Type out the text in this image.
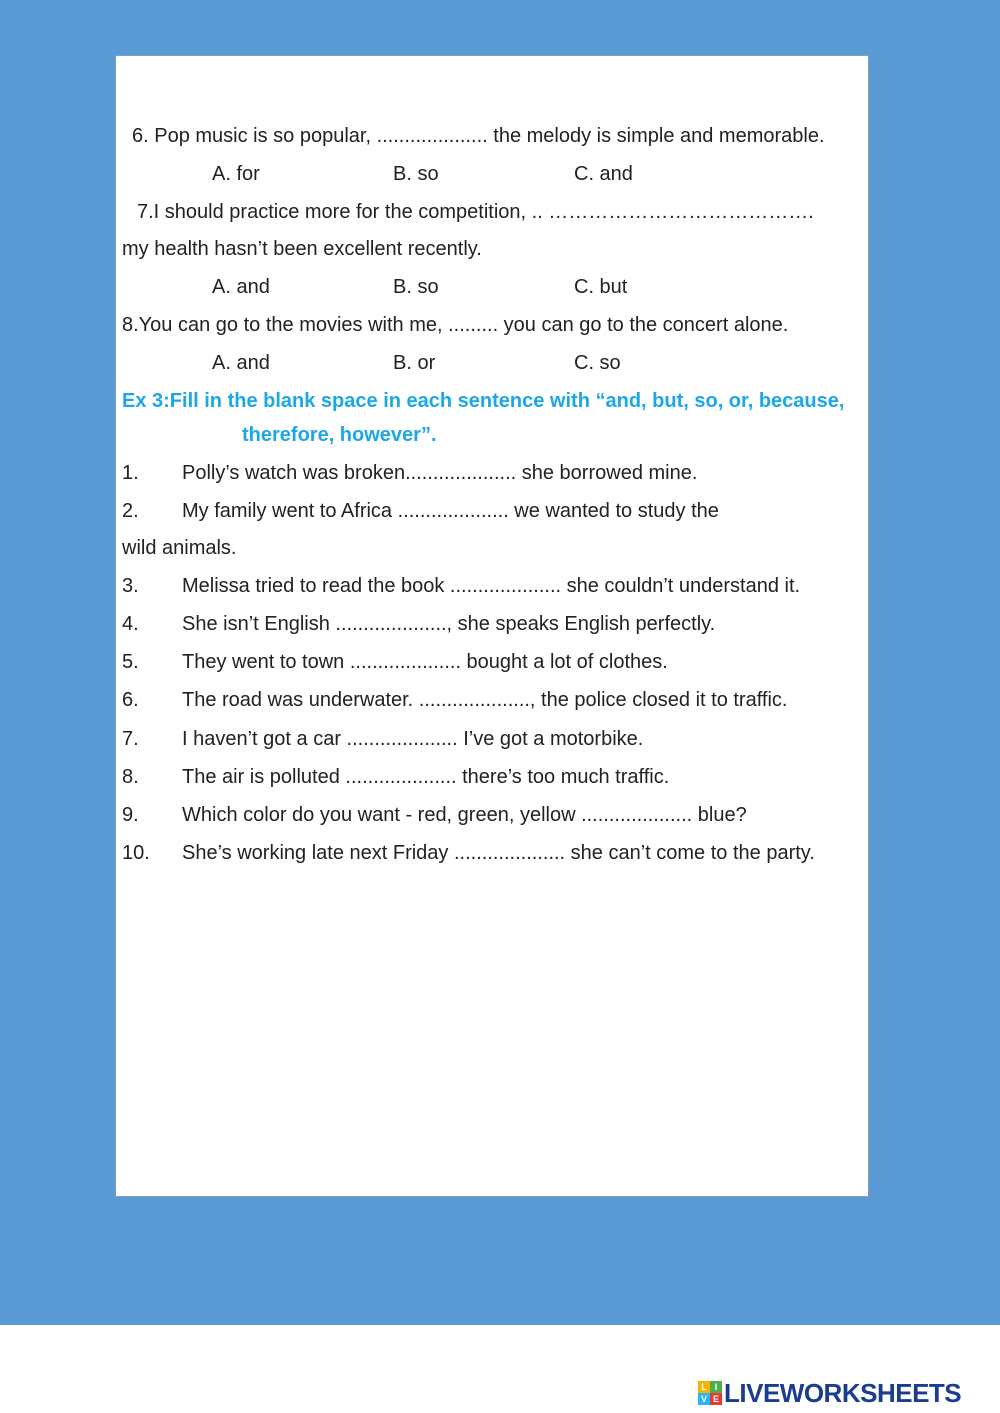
6. Pop music is so popular, .................... the melody is simple and memorable.
A. for	B. so	C. and
7.I should practice more for the competition, .. ………………………………….
my health hasn’t been excellent recently.
A. and	B. so	C. but
8.You can go to the movies with me, ......... you can go to the concert alone.
A. and	B. or	C. so
Ex 3:Fill in the blank space in each sentence with “and, but, so, or, because,
therefore, however”.
1. Polly’s watch was broken.................... she borrowed mine.
2. My family went to Africa .................... we wanted to study the
wild animals.
3. Melissa tried to read the book .................... she couldn’t understand it.
4. She isn’t English ...................., she speaks English perfectly.
5. They went to town .................... bought a lot of clothes.
6. The road was underwater. ...................., the police closed it to traffic.
7. I haven’t got a car .................... I’ve got a motorbike.
8. The air is polluted .................... there’s too much traffic.
9. Which color do you want - red, green, yellow .................... blue?
10. She’s working late next Friday .................... she can’t come to the party.
L I
V E LIVEWORKSHEETS
